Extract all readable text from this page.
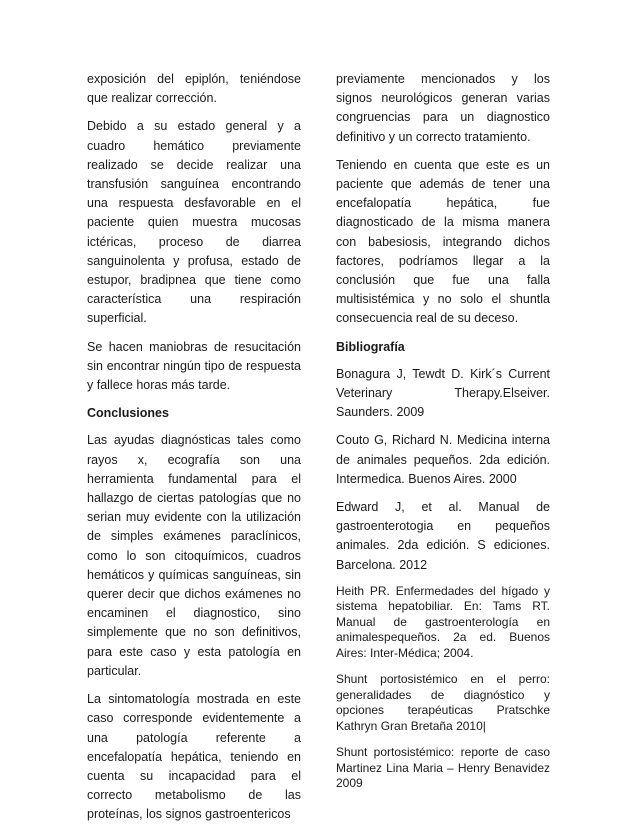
exposición del epiplón, teniéndose que realizar corrección.

Debido a su estado general y a cuadro hemático previamente realizado se decide realizar una transfusión sanguínea encontrando una respuesta desfavorable en el paciente quien muestra mucosas ictéricas, proceso de diarrea sanguinolenta y profusa, estado de estupor, bradipnea que tiene como característica una respiración superficial.

Se hacen maniobras de resucitación sin encontrar ningún tipo de respuesta y fallece horas más tarde.

Conclusiones

Las ayudas diagnósticas tales como rayos x, ecografía son una herramienta fundamental para el hallazgo de ciertas patologías que no serian muy evidente con la utilización de simples exámenes paraclínicos, como lo son citoquímicos, cuadros hemáticos y químicas sanguíneas, sin querer decir que dichos exámenes no encaminen el diagnostico, sino simplemente que no son definitivos, para este caso y esta patología en particular.

La sintomatología mostrada en este caso corresponde evidentemente a una patología referente a encefalopatía hepática, teniendo en cuenta su incapacidad para el correcto metabolismo de las proteínas, los signos gastroentericos

previamente mencionados y los signos neurológicos generan varias congruencias para un diagnostico definitivo y un correcto tratamiento.

Teniendo en cuenta que este es un paciente que además de tener una encefalopatía hepática, fue diagnosticado de la misma manera con babesiosis, integrando dichos factores, podríamos llegar a la conclusión que fue una falla multisistémica y no solo el shuntla consecuencia real de su deceso.

Bibliografía

Bonagura J, Tewdt D. Kirk´s Current Veterinary Therapy.Elseiver. Saunders. 2009

Couto G, Richard N. Medicina interna de animales pequeños. 2da edición. Intermedica. Buenos Aires. 2000

Edward J, et al. Manual de gastroenterotogia en pequeños animales. 2da edición. S ediciones. Barcelona. 2012

Heith PR. Enfermedades del hígado y sistema hepatobiliar. En: Tams RT. Manual de gastroenterología en animalespequeños. 2a ed. Buenos Aires: Inter-Médica; 2004.

Shunt portosistémico en el perro: generalidades de diagnóstico y opciones terapéuticas Pratschke Kathryn Gran Bretaña 2010|

Shunt portosistémico: reporte de caso Martinez Lina Maria – Henry Benavidez 2009
